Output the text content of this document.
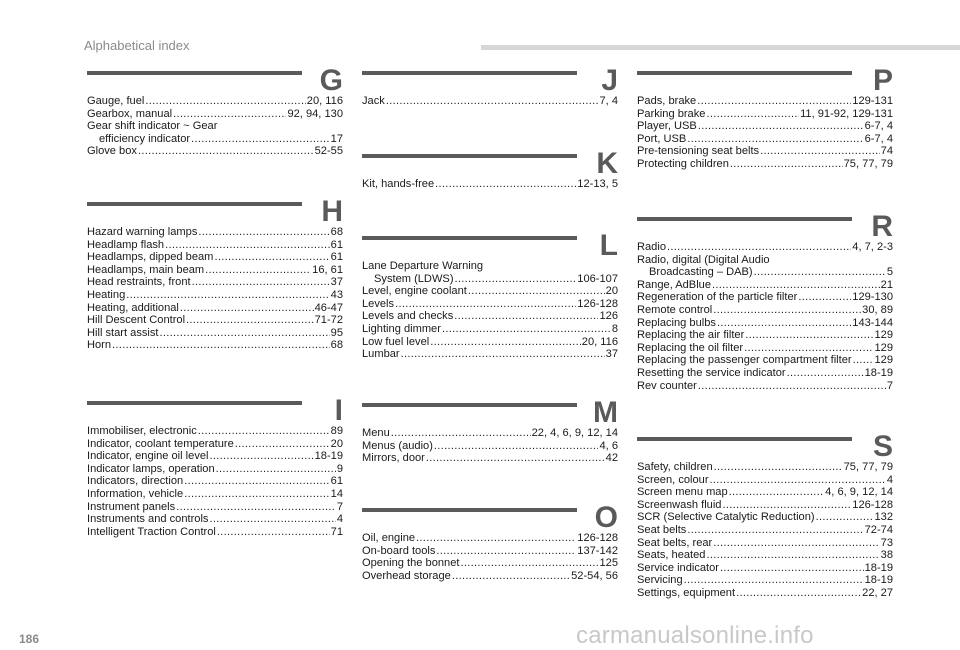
Alphabetical index
G
Gauge, fuel .....	20, 116
Gearbox, manual .....	92, 94, 130
Gear shift indicator ~ Gear
efficiency indicator .....	17
Glove box .....	52-55
H
Hazard warning lamps .....	68
Headlamp flash .....	61
Headlamps, dipped beam .....	61
Headlamps, main beam .....	16, 61
Head restraints, front .....	37
Heating .....	43
Heating, additional .....	46-47
Hill Descent Control .....	71-72
Hill start assist .....	95
Horn .....	68
I
Immobiliser, electronic .....	89
Indicator, coolant temperature .....	20
Indicator, engine oil level .....	18-19
Indicator lamps, operation .....	9
Indicators, direction .....	61
Information, vehicle .....	14
Instrument panels .....	7
Instruments and controls .....	4
Intelligent Traction Control .....	71
J
Jack .....	7, 4
K
Kit, hands-free .....	12-13, 5
L
Lane Departure Warning
System (LDWS) .....	106-107
Level, engine coolant .....	20
Levels .....	126-128
Levels and checks .....	126
Lighting dimmer .....	8
Low fuel level .....	20, 116
Lumbar .....	37
M
Menu .....	22, 4, 6, 9, 12, 14
Menus (audio) .....	4, 6
Mirrors, door .....	42
O
Oil, engine .....	126-128
On-board tools .....	137-142
Opening the bonnet .....	125
Overhead storage .....	52-54, 56
P
Pads, brake .....	129-131
Parking brake .....	11, 91-92, 129-131
Player, USB .....	6-7, 4
Port, USB .....	6-7, 4
Pre-tensioning seat belts .....	74
Protecting children .....	75, 77, 79
R
Radio .....	4, 7, 2-3
Radio, digital (Digital Audio
Broadcasting – DAB) .....	5
Range, AdBlue .....	21
Regeneration of the particle filter .....	129-130
Remote control .....	30, 89
Replacing bulbs .....	143-144
Replacing the air filter .....	129
Replacing the oil filter .....	129
Replacing the passenger compartment filter ..... 129
Resetting the service indicator .....	18-19
Rev counter .....	7
S
Safety, children .....	75, 77, 79
Screen, colour .....	4
Screen menu map .....	4, 6, 9, 12, 14
Screenwash fluid .....	126-128
SCR (Selective Catalytic Reduction) .....	132
Seat belts .....	72-74
Seat belts, rear .....	73
Seats, heated .....	38
Service indicator .....	18-19
Servicing .....	18-19
Settings, equipment .....	22, 27
186	carmanualsonline.info
